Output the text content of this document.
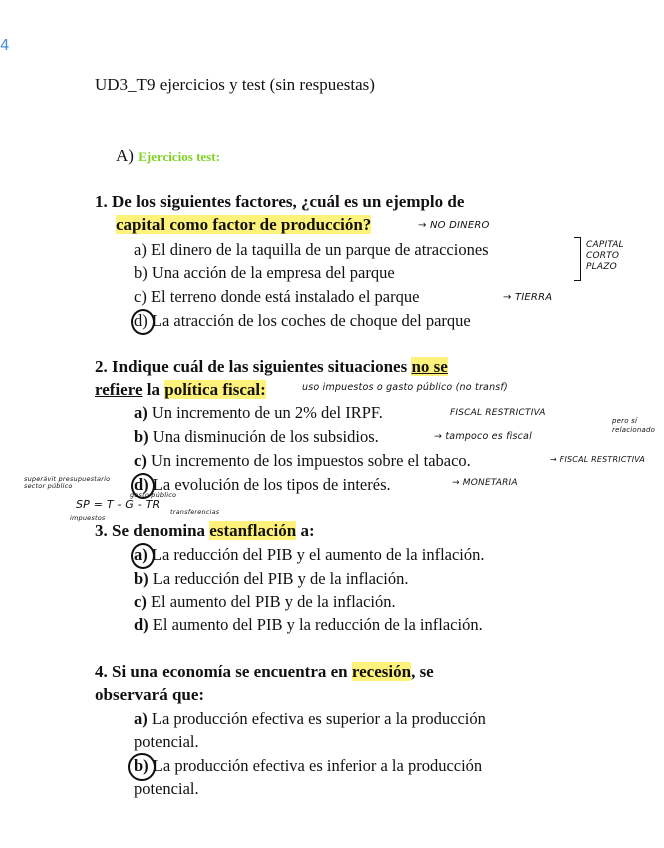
4
UD3_T9 ejercicios y test (sin respuestas)
A) Ejercicios test:
1. De los siguientes factores, ¿cuál es un ejemplo de
capital como factor de producción?
a) El dinero de la taquilla de un parque de atracciones
b) Una acción de la empresa del parque
c) El terreno donde está instalado el parque
d) La atracción de los coches de choque del parque
2. Indique cuál de las siguientes situaciones no se
refiere la política fiscal:
a) Un incremento de un 2% del IRPF.
b) Una disminución de los subsidios.
c) Un incremento de los impuestos sobre el tabaco.
d) La evolución de los tipos de interés.
3. Se denomina estanflación a:
a) La reducción del PIB y el aumento de la inflación.
b) La reducción del PIB y de la inflación.
c) El aumento del PIB y de la inflación.
d) El aumento del PIB y la reducción de la inflación.
4. Si una economía se encuentra en recesión, se
observará que:
a) La producción efectiva es superior a la producción
potencial.
b) La producción efectiva es inferior a la producción
potencial.
→ NO DINERO
CAPITAL
CORTO
PLAZO
→ TIERRA
uso impuestos o gasto público (no transf)
FISCAL RESTRICTIVA
→ tampoco es fiscal
pero sí
relacionado
→ FISCAL RESTRICTIVA
→ MONETARIA
superávit presupuestario
sector público
SP = T - G - TR
gasto público
impuestos
transferencias
